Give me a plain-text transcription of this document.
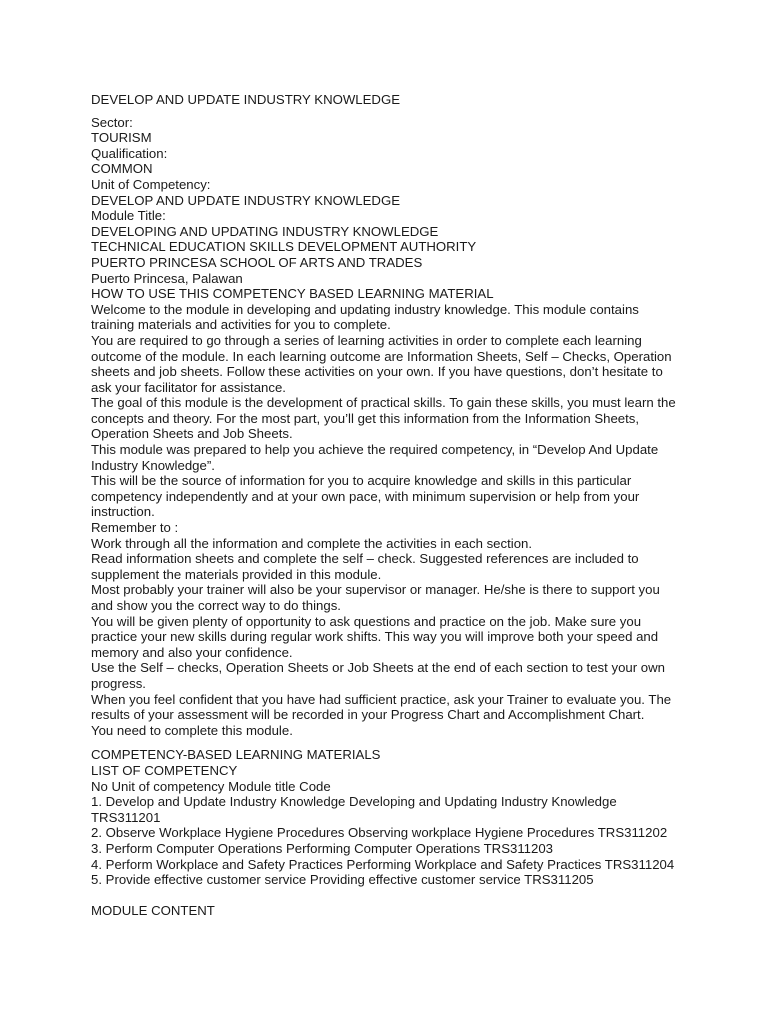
DEVELOP AND UPDATE INDUSTRY KNOWLEDGE
Sector:
TOURISM
Qualification:
COMMON
Unit of Competency:
DEVELOP AND UPDATE INDUSTRY KNOWLEDGE
Module Title:
DEVELOPING AND UPDATING INDUSTRY KNOWLEDGE
TECHNICAL EDUCATION SKILLS DEVELOPMENT AUTHORITY
PUERTO PRINCESA SCHOOL OF ARTS AND TRADES
Puerto Princesa, Palawan
HOW TO USE THIS COMPETENCY BASED LEARNING MATERIAL
Welcome to the module in developing and updating industry knowledge. This module contains
training materials and activities for you to complete.
You are required to go through a series of learning activities in order to complete each learning
outcome of the module. In each learning outcome are Information Sheets, Self – Checks, Operation
sheets and job sheets. Follow these activities on your own. If you have questions, don’t hesitate to
ask your facilitator for assistance.
The goal of this module is the development of practical skills. To gain these skills, you must learn the
concepts and theory. For the most part, you’ll get this information from the Information Sheets,
Operation Sheets and Job Sheets.
This module was prepared to help you achieve the required competency, in “Develop And Update
Industry Knowledge”.
This will be the source of information for you to acquire knowledge and skills in this particular
competency independently and at your own pace, with minimum supervision or help from your
instruction.
Remember to :
Work through all the information and complete the activities in each section.
Read information sheets and complete the self – check. Suggested references are included to
supplement the materials provided in this module.
Most probably your trainer will also be your supervisor or manager. He/she is there to support you
and show you the correct way to do things.
You will be given plenty of opportunity to ask questions and practice on the job. Make sure you
practice your new skills during regular work shifts. This way you will improve both your speed and
memory and also your confidence.
Use the Self – checks, Operation Sheets or Job Sheets at the end of each section to test your own
progress.
When you feel confident that you have had sufficient practice, ask your Trainer to evaluate you. The
results of your assessment will be recorded in your Progress Chart and Accomplishment Chart.
You need to complete this module.
COMPETENCY-BASED LEARNING MATERIALS
LIST OF COMPETENCY
No Unit of competency Module title Code
1. Develop and Update Industry Knowledge Developing and Updating Industry Knowledge
TRS311201
2. Observe Workplace Hygiene Procedures Observing workplace Hygiene Procedures TRS311202
3. Perform Computer Operations Performing Computer Operations TRS311203
4. Perform Workplace and Safety Practices Performing Workplace and Safety Practices TRS311204
5. Provide effective customer service Providing effective customer service TRS311205
MODULE CONTENT
